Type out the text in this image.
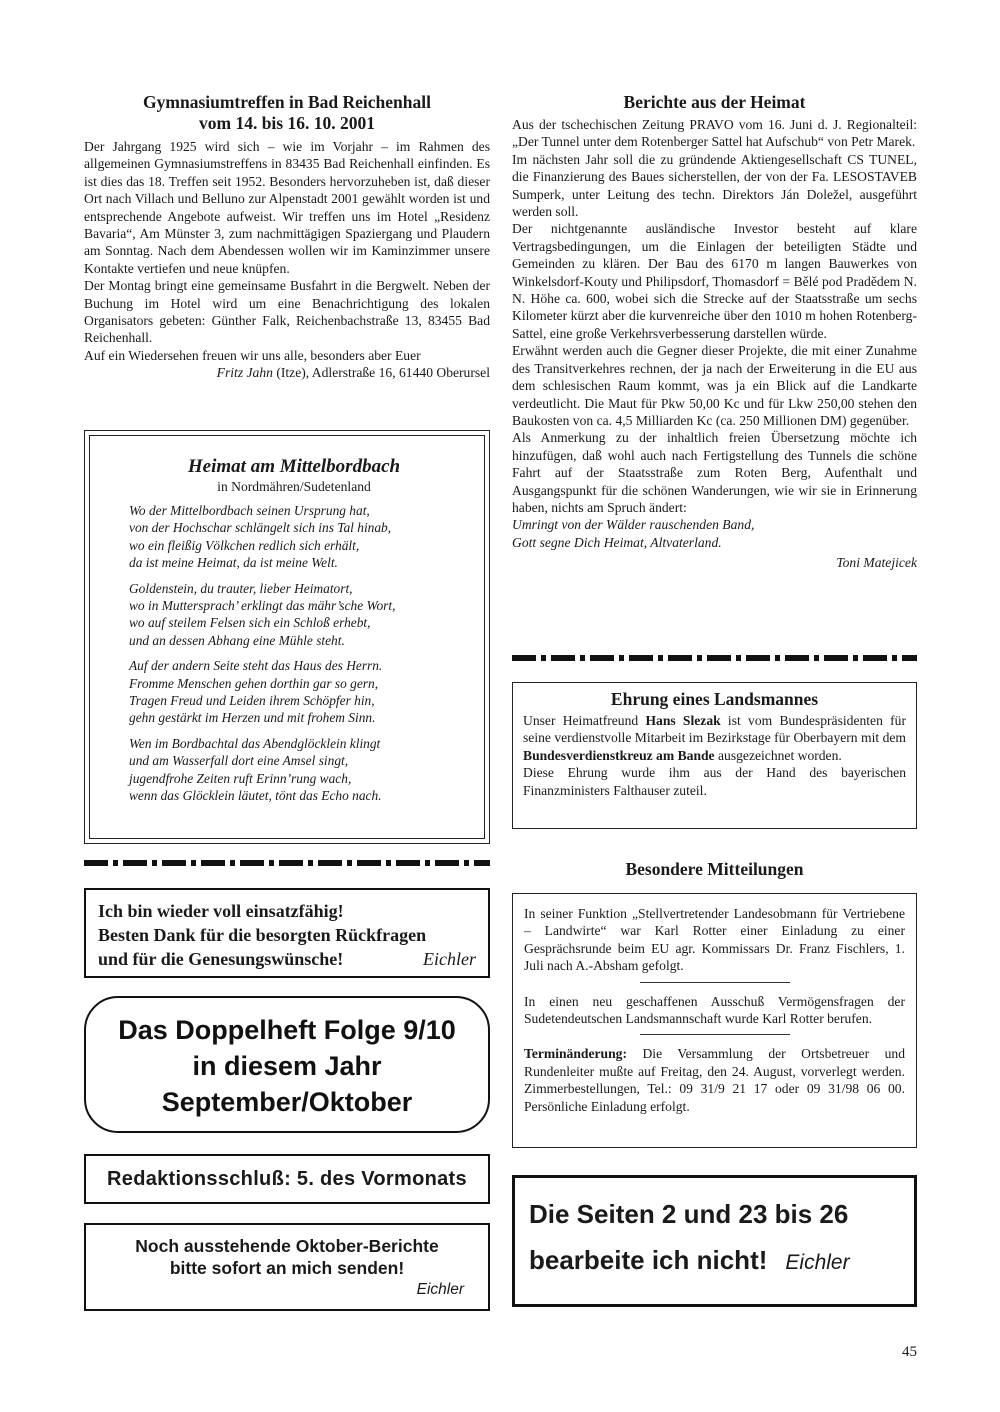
Gymnasiumtreffen in Bad Reichenhall
vom 14. bis 16. 10. 2001

Der Jahrgang 1925 wird sich – wie im Vorjahr – im Rahmen des allgemeinen Gymnasiumstreffens in 83435 Bad Reichenhall einfinden. Es ist dies das 18. Treffen seit 1952. Besonders hervorzuheben ist, daß dieser Ort nach Villach und Belluno zur Alpenstadt 2001 gewählt worden ist und entsprechende Angebote aufweist. Wir treffen uns im Hotel „Residenz Bavaria“, Am Münster 3, zum nachmittägigen Spaziergang und Plaudern am Sonntag. Nach dem Abendessen wollen wir im Kaminzimmer unsere Kontakte vertiefen und neue knüpfen.

Der Montag bringt eine gemeinsame Busfahrt in die Bergwelt. Neben der Buchung im Hotel wird um eine Benachrichtigung des lokalen Organisators gebeten: Günther Falk, Reichenbachstraße 13, 83455 Bad Reichenhall.

Auf ein Wiedersehen freuen wir uns alle, besonders aber Euer

Fritz Jahn (Itze), Adlerstraße 16, 61440 Oberursel

Heimat am Mittelbordbach
in Nordmähren/Sudetenland

Wo der Mittelbordbach seinen Ursprung hat,

von der Hochschar schlängelt sich ins Tal hinab,

wo ein fleißig Völkchen redlich sich erhält,

da ist meine Heimat, da ist meine Welt.

Goldenstein, du trauter, lieber Heimatort,

wo in Muttersprach’ erklingt das mähr’sche Wort,

wo auf steilem Felsen sich ein Schloß erhebt,

und an dessen Abhang eine Mühle steht.

Auf der andern Seite steht das Haus des Herrn.

Fromme Menschen gehen dorthin gar so gern,

Tragen Freud und Leiden ihrem Schöpfer hin,

gehn gestärkt im Herzen und mit frohem Sinn.

Wen im Bordbachtal das Abendglöcklein klingt

und am Wasserfall dort eine Amsel singt,

jugendfrohe Zeiten ruft Erinn’rung wach,

wenn das Glöcklein läutet, tönt das Echo nach.

Ich bin wieder voll einsatzfähig!
Besten Dank für die besorgten Rückfragen
und für die Genesungswünsche!	Eichler
Das Doppelheft Folge 9/10
in diesem Jahr
September/Oktober
Redaktionsschluß: 5. des Vormonats
Noch ausstehende Oktober-Berichte
bitte sofort an mich senden!
Eichler
Berichte aus der Heimat

Aus der tschechischen Zeitung PRAVO vom 16. Juni d. J. Regionalteil: „Der Tunnel unter dem Rotenberger Sattel hat Aufschub“ von Petr Marek.

Im nächsten Jahr soll die zu gründende Aktiengesellschaft CS TUNEL, die Finanzierung des Baues sicherstellen, der von der Fa. LESOSTAVEB Sumperk, unter Leitung des techn. Direktors Ján Doležel, ausgeführt werden soll.

Der nichtgenannte ausländische Investor besteht auf klare Vertragsbedingungen, um die Einlagen der beteiligten Städte und Gemeinden zu klären. Der Bau des 6170 m langen Bauwerkes von Winkelsdorf-Kouty und Philipsdorf, Thomasdorf = Bělé pod Pradědem N. N. Höhe ca. 600, wobei sich die Strecke auf der Staatsstraße um sechs Kilometer kürzt aber die kurvenreiche über den 1010 m hohen Rotenberg-Sattel, eine große Verkehrsverbesserung darstellen würde.

Erwähnt werden auch die Gegner dieser Projekte, die mit einer Zunahme des Transitverkehres rechnen, der ja nach der Erweiterung in die EU aus dem schlesischen Raum kommt, was ja ein Blick auf die Landkarte verdeutlicht. Die Maut für Pkw 50,00 Kc und für Lkw 250,00 stehen den Baukosten von ca. 4,5 Milliarden Kc (ca. 250 Millionen DM) gegenüber.

Als Anmerkung zu der inhaltlich freien Übersetzung möchte ich hinzufügen, daß wohl auch nach Fertigstellung des Tunnels die schöne Fahrt auf der Staatsstraße zum Roten Berg, Aufenthalt und Ausgangspunkt für die schönen Wanderungen, wie wir sie in Erinnerung haben, nichts am Spruch ändert:

Umringt von der Wälder rauschenden Band,

Gott segne Dich Heimat, Altvaterland.

Toni Matejicek

Ehrung eines Landsmannes

Unser Heimatfreund Hans Slezak ist vom Bundespräsidenten für seine verdienstvolle Mitarbeit im Bezirkstage für Oberbayern mit dem Bundesverdienstkreuz am Bande ausgezeichnet worden.

Diese Ehrung wurde ihm aus der Hand des bayerischen Finanzministers Falthauser zuteil.

Besondere Mitteilungen

In seiner Funktion „Stellvertretender Landesobmann für Vertriebene – Landwirte“ war Karl Rotter einer Einladung zu einer Gesprächsrunde beim EU agr. Kommissars Dr. Franz Fischlers, 1. Juli nach A.-Absham gefolgt.

In einen neu geschaffenen Ausschuß Vermögensfragen der Sudetendeutschen Landsmannschaft wurde Karl Rotter berufen.

Terminänderung: Die Versammlung der Ortsbetreuer und Rundenleiter mußte auf Freitag, den 24. August, vorverlegt werden. Zimmerbestellungen, Tel.: 09 31/9 21 17 oder 09 31/98 06 00. Persönliche Einladung erfolgt.

Die Seiten 2 und 23 bis 26
bearbeite ich nicht! Eichler
45
